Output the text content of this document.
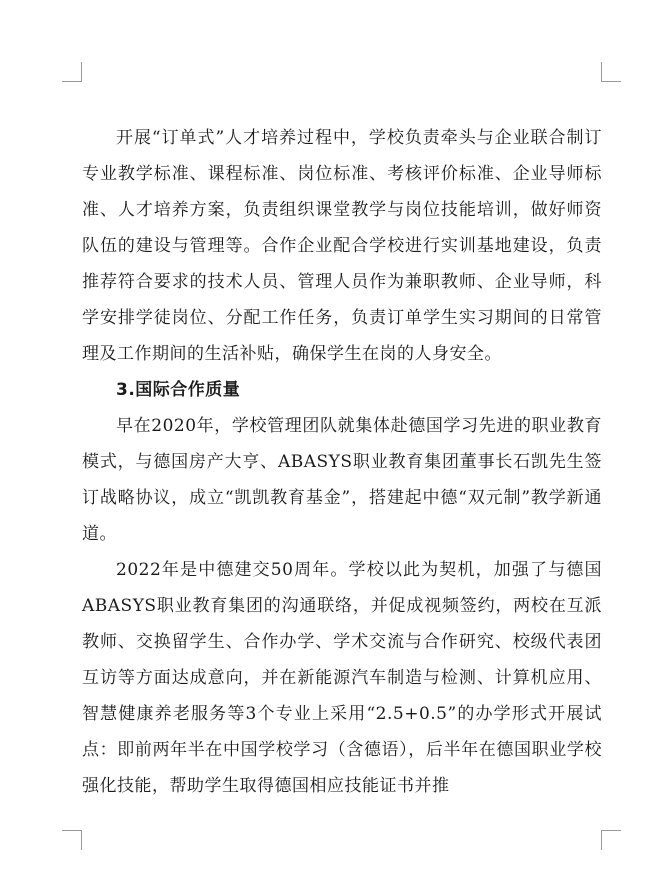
开展“订单式”人才培养过程中，学校负责牵头与企业联合制订专业教学标准、课程标准、岗位标准、考核评价标准、企业导师标准、人才培养方案，负责组织课堂教学与岗位技能培训，做好师资队伍的建设与管理等。合作企业配合学校进行实训基地建设，负责推荐符合要求的技术人员、管理人员作为兼职教师、企业导师，科学安排学徒岗位、分配工作任务，负责订单学生实习期间的日常管理及工作期间的生活补贴，确保学生在岗的人身安全。

3.国际合作质量

早在2020年，学校管理团队就集体赴德国学习先进的职业教育模式，与德国房产大亨、ABASYS职业教育集团董事长石凯先生签订战略协议，成立“凯凯教育基金”，搭建起中德“双元制”教学新通道。

2022年是中德建交50周年。学校以此为契机，加强了与德国ABASYS职业教育集团的沟通联络，并促成视频签约，两校在互派教师、交换留学生、合作办学、学术交流与合作研究、校级代表团互访等方面达成意向，并在新能源汽车制造与检测、计算机应用、智慧健康养老服务等3个专业上采用“2.5+0.5”的办学形式开展试点：即前两年半在中国学校学习（含德语），后半年在德国职业学校强化技能，帮助学生取得德国相应技能证书并推
